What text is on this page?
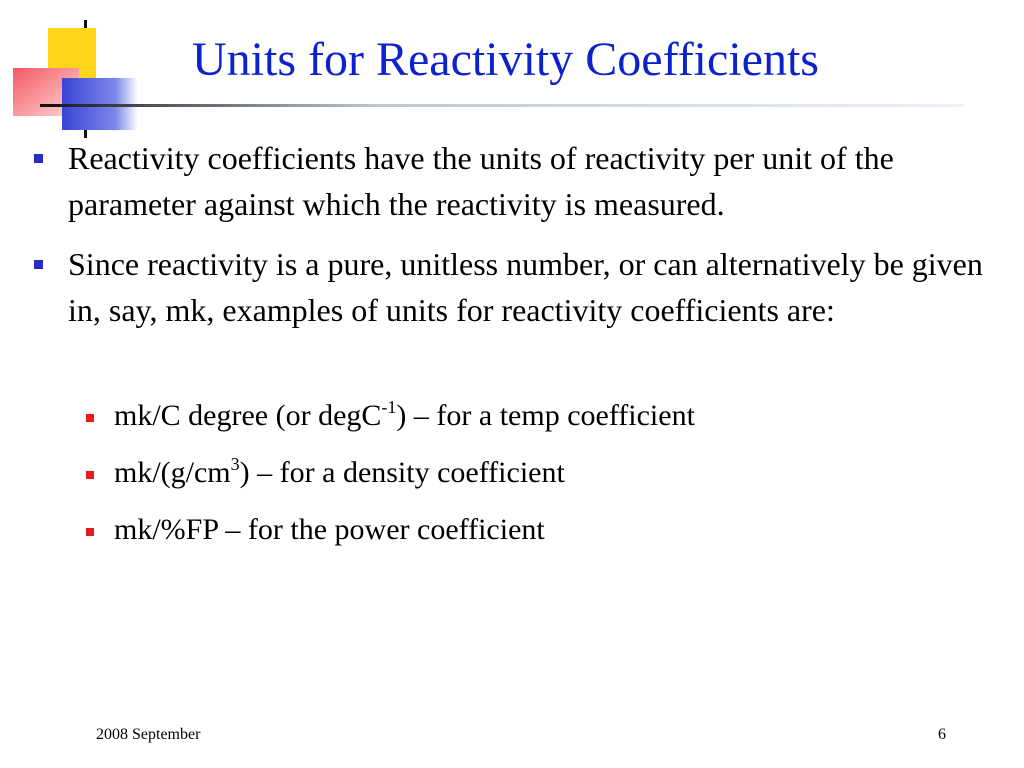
Units for Reactivity Coefficients
Reactivity coefficients have the units of reactivity per unit of the parameter against which the reactivity is measured.
Since reactivity is a pure, unitless number, or can alternatively be given in, say, mk, examples of units for reactivity coefficients are:
mk/C degree (or degC$^{-1}$) – for a temp coefficient
$mk/(g/cm^3)$ – for a density coefficient
mk/%FP – for the power coefficient
2008 September	6
